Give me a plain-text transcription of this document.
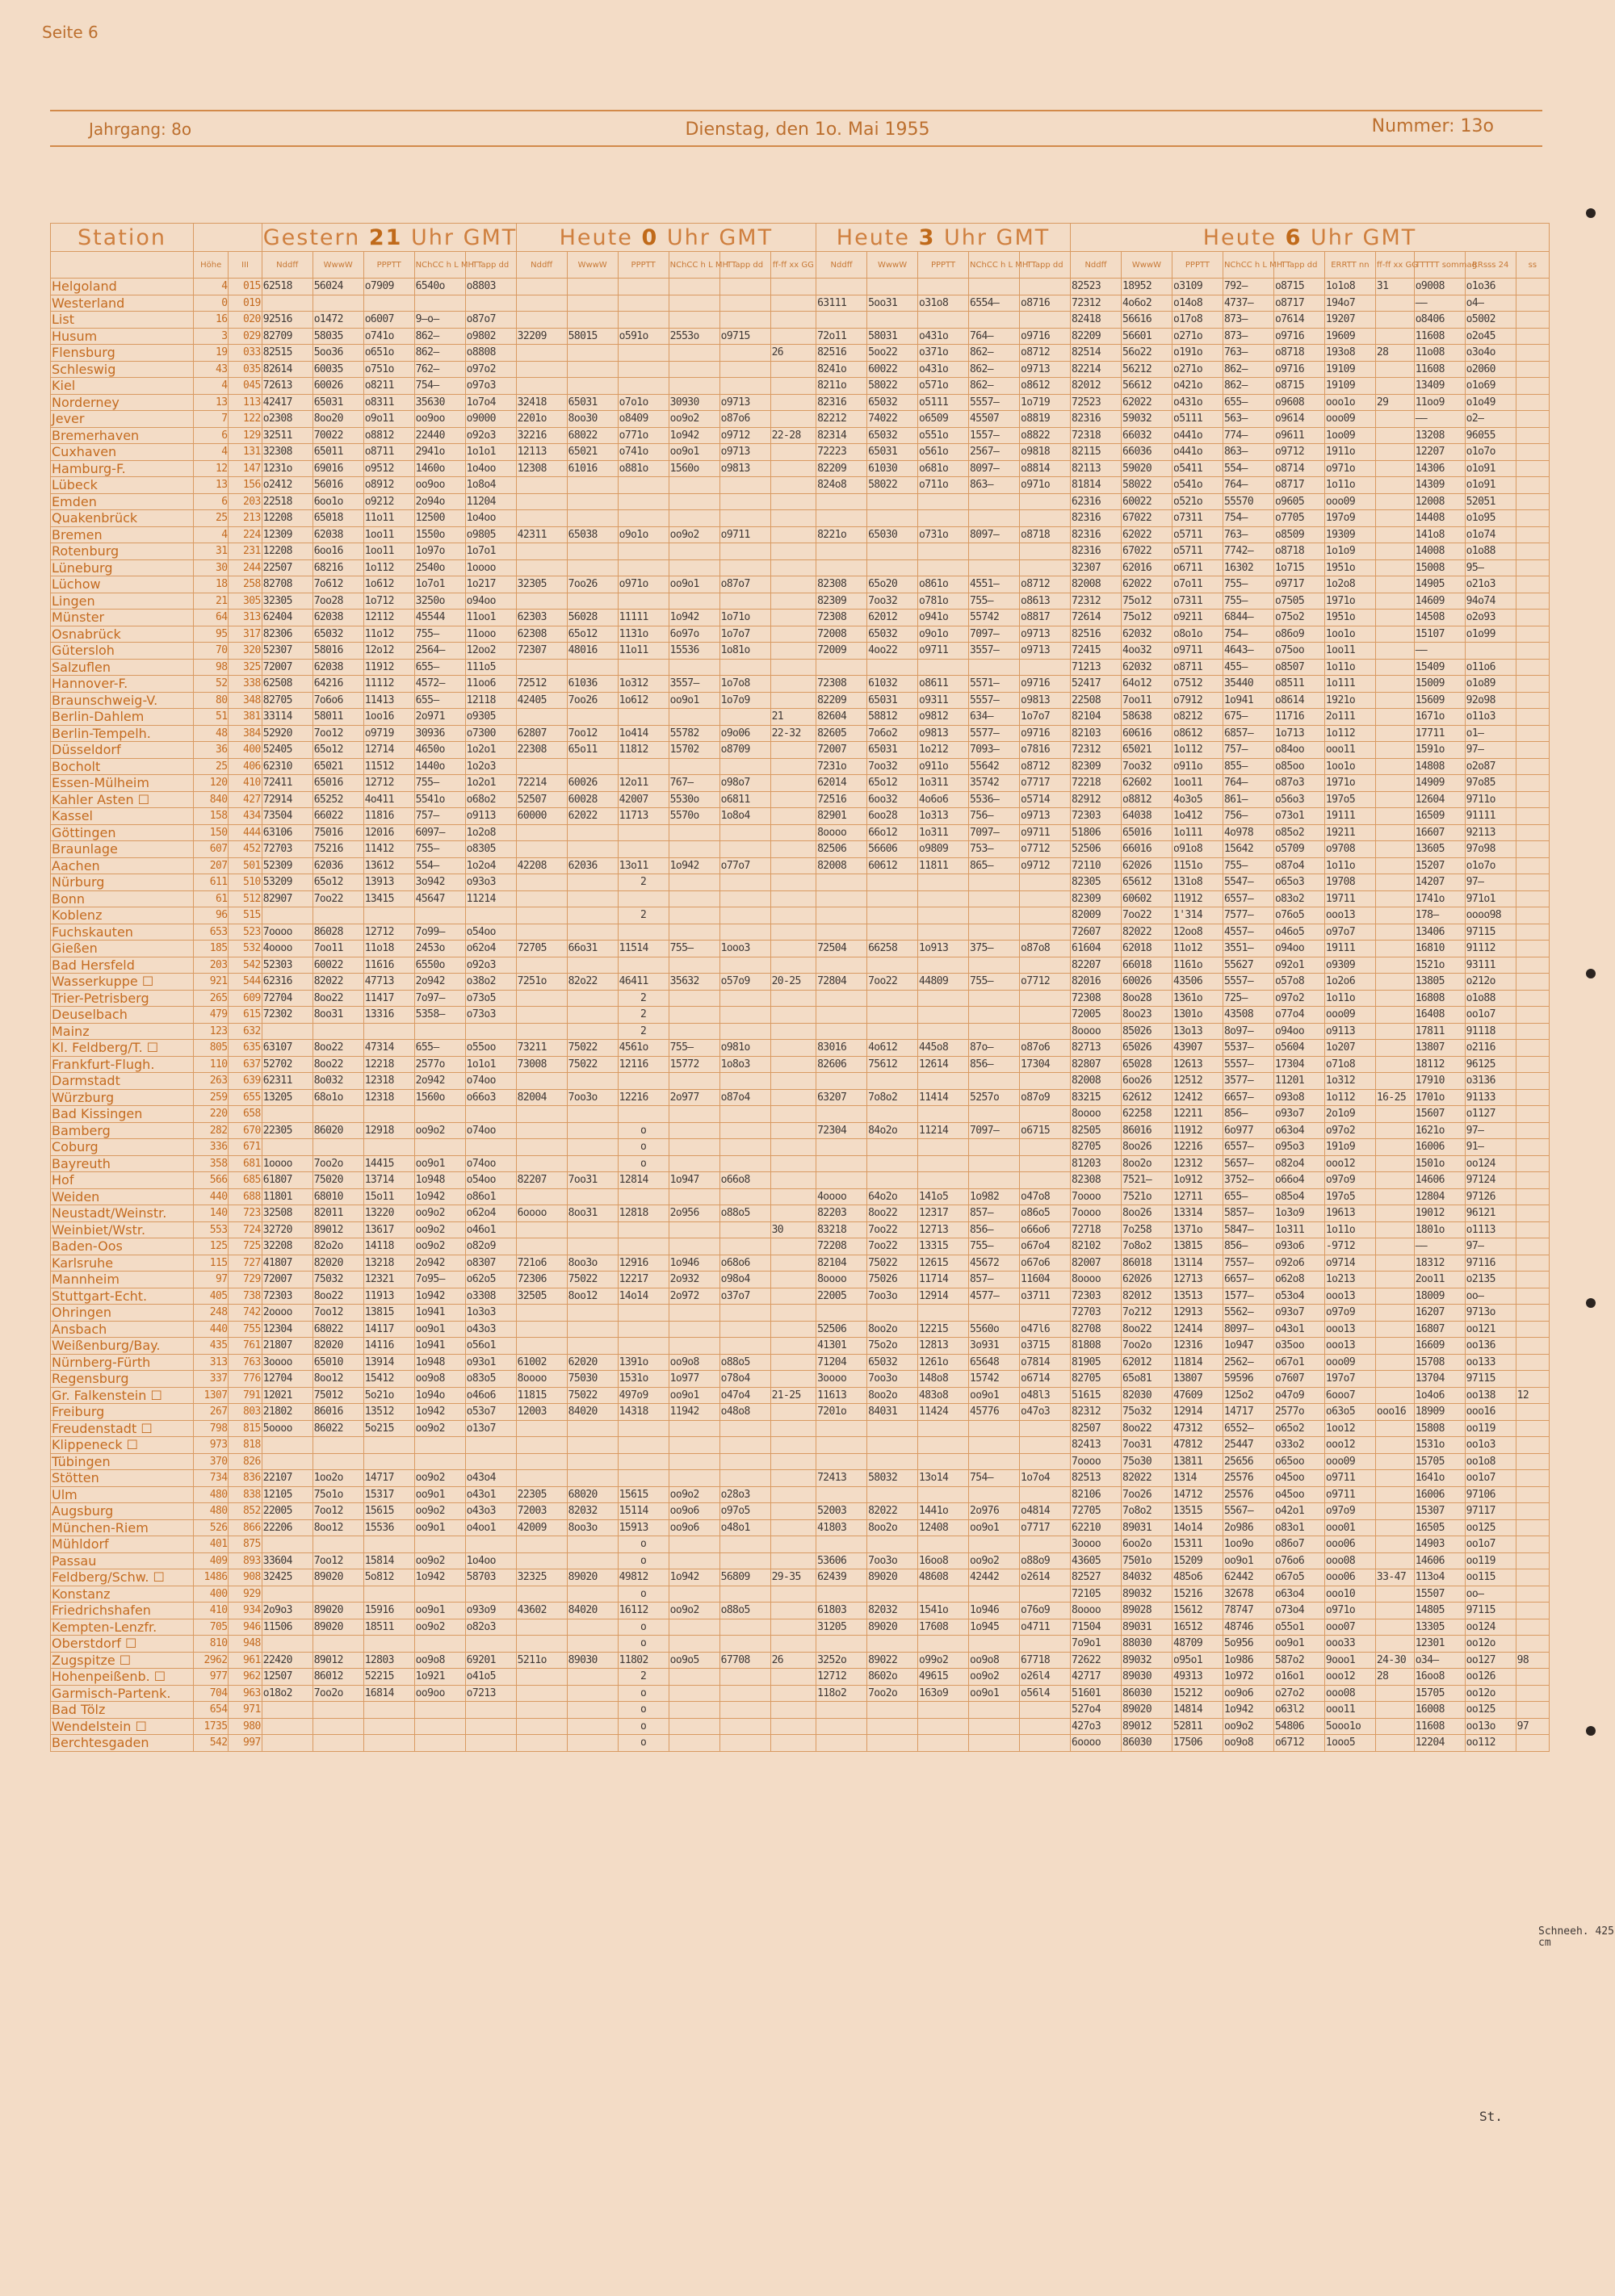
Seite 6
Jahrgang: 8o	Dienstag, den 1o. Mai 1955	Nummer: 13o
Station			Gestern 21 Uhr GMT					Heute 0 Uhr GMT						Heute 3 Uhr GMT					Heute 6 Uhr GMT									
	Höhe	III	Nddff	WwwW	PPPTT	NChCC h L MH	TTapp dd	Nddff	WwwW	PPPTT	NChCC h L MH	TTapp dd	ff-ff xx GG	Nddff	WwwW	PPPTT	NChCC h L MH	TTapp dd	Nddff	WwwW	PPPTT	NChCC h L MH	TTapp dd	ERRTT nn	ff-ff xx GG	TTTTT sommag	RRsss 24	ss
Helgoland	4	015	62518	56024	o7909	6540o	o8803												82523	18952	o3109	792—	o8715	1o1o8	31	o9008	o1o36	
Westerland	0	019												63111	5oo31	o31o8	6554—	o8716	72312	4o6o2	o14o8	4737—	o8717	194o7		——	o4—	
List	16	020	92516	o1472	o6007	9—o—	o87o7												82418	56616	o17o8	873—	o7614	19207		o8406	o5002	
Husum	3	029	82709	58035	o741o	862—	o9802	32209	58015	o591o	2553o	o9715		72o11	58031	o431o	764—	o9716	82209	56601	o271o	873—	o9716	19609		11608	o2o45	
Flensburg	19	033	82515	5oo36	o651o	862—	o8808						26	82516	5oo22	o371o	862—	o8712	82514	56o22	o191o	763—	o8718	193o8	28	11o08	o3o4o	
Schleswig	43	035	82614	60035	o751o	762—	o97o2							8241o	60022	o431o	862—	o9713	82214	56212	o271o	862—	o9716	19109		11608	o2060	
Kiel	4	045	72613	60026	o8211	754—	o97o3							8211o	58022	o571o	862—	o8612	82012	56612	o421o	862—	o8715	19109		13409	o1o69	
Norderney	13	113	42417	65031	o8311	35630	1o7o4	32418	65031	o7o1o	30930	o9713		82316	65032	o5111	5557—	1o719	72523	62022	o431o	655—	o9608	ooo1o	29	11oo9	o1o49	
Jever	7	122	o2308	8oo20	o9o11	oo9oo	o9000	2201o	8oo30	o8409	oo9o2	o87o6		82212	74022	o6509	45507	o8819	82316	59032	o5111	563—	o9614	ooo09		——	o2—	
Bremerhaven	6	129	32511	70022	o8812	22440	o92o3	32216	68022	o771o	1o942	o9712	22-28	82314	65032	o551o	1557—	o8822	72318	66032	o441o	774—	o9611	1oo09		13208	96055	
Cuxhaven	4	131	32308	65011	o8711	2941o	1o1o1	12113	65021	o741o	oo9o1	o9713		72223	65031	o561o	2567—	o9818	82115	66036	o441o	863—	o9712	1911o		12207	o1o7o	
Hamburg-F.	12	147	1231o	69016	o9512	1460o	1o4oo	12308	61016	o881o	1560o	o9813		82209	61030	o681o	8097—	o8814	82113	59020	o5411	554—	o8714	o971o		14306	o1o91	
Lübeck	13	156	o2412	56016	o8912	oo9oo	1o8o4							824o8	58022	o711o	863—	o971o	81814	58022	o541o	764—	o8717	1o11o		14309	o1o91	
Emden	6	203	22518	6oo1o	o9212	2o94o	11204												62316	60022	o521o	55570	o9605	ooo09		12008	52051	
Quakenbrück	25	213	12208	65018	11o11	12500	1o4oo												82316	67022	o7311	754—	o7705	197o9		14408	o1o95	
Bremen	4	224	12309	62038	1oo11	1550o	o9805	42311	65038	o9o1o	oo9o2	o9711		8221o	65030	o731o	8097—	o8718	82316	62022	o5711	763—	o8509	19309		141o8	o1o74	
Rotenburg	31	231	12208	6oo16	1oo11	1o97o	1o7o1												82316	67022	o5711	7742—	o8718	1o1o9		14008	o1o88	
Lüneburg	30	244	22507	68216	1o112	2540o	1oooo												32307	62016	o6711	16302	1o715	1951o		15008	95—	
Lüchow	18	258	82708	7o612	1o612	1o7o1	1o217	32305	7oo26	o971o	oo9o1	o87o7		82308	65o20	o861o	4551—	o8712	82008	62022	o7o11	755—	o9717	1o2o8		14905	o21o3	
Lingen	21	305	32305	7oo28	1o712	3250o	o94oo							82309	7oo32	o781o	755—	o8613	72312	75o12	o7311	755—	o7505	1971o		14609	94o74	
Münster	64	313	62404	62038	12112	45544	11oo1	62303	56028	11111	1o942	1o71o		72308	62012	o941o	55742	o8817	72614	75o12	o9211	6844—	o75o2	1951o		14508	o2o93	
Osnabrück	95	317	82306	65032	11o12	755—	11ooo	62308	65o12	1131o	6o97o	1o7o7		72008	65032	o9o1o	7097—	o9713	82516	62032	o8o1o	754—	o86o9	1oo1o		15107	o1o99	
Gütersloh	70	320	52307	58016	12o12	2564—	12oo2	72307	48016	11o11	15536	1o81o		72009	4oo22	o9711	3557—	o9713	72415	4oo32	o9711	4643—	o75oo	1oo11		——		
Salzuflen	98	325	72007	62038	11912	655—	111o5												71213	62032	o8711	455—	o8507	1o11o		15409	o11o6	
Hannover-F.	52	338	62508	64216	11112	4572—	11oo6	72512	61036	1o312	3557—	1o7o8		72308	61032	o8611	5571—	o9716	52417	64o12	o7512	35440	o8511	1o111		15009	o1o89	
Braunschweig-V.	80	348	82705	7o6o6	11413	655—	12118	42405	7oo26	1o612	oo9o1	1o7o9		82209	65031	o9311	5557—	o9813	22508	7oo11	o7912	1o941	o8614	1921o		15609	92o98	
Berlin-Dahlem	51	381	33114	58011	1oo16	2o971	o9305						21	82604	58812	o9812	634—	1o7o7	82104	58638	o8212	675—	11716	2o111		1671o	o11o3	
Berlin-Tempelh.	48	384	52920	7oo12	o9719	30936	o7300	62807	7oo12	1o414	55782	o9o06	22-32	82605	7o6o2	o9813	5577—	o9716	82103	60616	o8612	6857—	1o713	1o112		17711	o1—	
Düsseldorf	36	400	52405	65o12	12714	4650o	1o2o1	22308	65o11	11812	15702	o8709		72007	65031	1o212	7093—	o7816	72312	65021	1o112	757—	o84oo	ooo11		1591o	97—	
Bocholt	25	406	62310	65021	11512	1440o	1o2o3							7231o	7oo32	o911o	55642	o8712	82309	7oo32	o911o	855—	o85oo	1oo1o		14808	o2o87	
Essen-Mülheim	120	410	72411	65016	12712	755—	1o2o1	72214	60026	12o11	767—	o98o7		62014	65o12	1o311	35742	o7717	72218	62602	1oo11	764—	o87o3	1971o		14909	97o85	
Kahler Asten ☐	840	427	72914	65252	4o411	5541o	o68o2	52507	60028	42007	5530o	o6811		72516	6oo32	4o6o6	5536—	o5714	82912	o8812	4o3o5	861—	o56o3	197o5		12604	9711o	
Kassel	158	434	73504	66022	11816	757—	o9113	60000	62022	11713	5570o	1o8o4		82901	6oo28	1o313	756—	o9713	72303	64038	1o412	756—	o73o1	19111		16509	91111	
Göttingen	150	444	63106	75016	12016	6097—	1o2o8							8oooo	66o12	1o311	7097—	o9711	51806	65016	1o111	4o978	o85o2	19211		16607	92113	
Braunlage	607	452	72703	75216	11412	755—	o8305							82506	56606	o9809	753—	o7712	52506	66016	o91o8	15642	o5709	o9708		13605	97o98	
Aachen	207	501	52309	62036	13612	554—	1o2o4	42208	62036	13o11	1o942	o77o7		82008	60612	11811	865—	o9712	72110	62026	1151o	755—	o87o4	1o11o		15207	o1o7o	
Nürburg	611	510	53209	65o12	13913	3o942	o93o3			2									82305	65612	131o8	5547—	o65o3	19708		14207	97—	
Bonn	61	512	82907	7oo22	13415	45647	11214												82309	60602	11912	6557—	o83o2	19711		1741o	971o1	
Koblenz	96	515								2									82009	7oo22	1'314	7577—	o76o5	ooo13		178—	oooo98	
Fuchskauten	653	523	7oooo	86028	12712	7o99—	o54oo												72607	82022	12oo8	4557—	o46o5	o97o7		13406	97115	
Gießen	185	532	4oooo	7oo11	11o18	2453o	o62o4	72705	66o31	11514	755—	1ooo3		72504	66258	1o913	375—	o87o8	61604	62018	11o12	3551—	o94oo	19111		16810	91112	
Bad Hersfeld	203	542	52303	60022	11616	6550o	o92o3												82207	66018	1161o	55627	o92o1	o9309		1521o	93111	
Wasserkuppe ☐	921	544	62316	82022	47713	2o942	o38o2	7251o	82o22	46411	35632	o57o9	20-25	72804	7oo22	44809	755—	o7712	82016	60026	43506	5557—	o57o8	1o2o6		13805	o212o	
Trier-Petrisberg	265	609	72704	8oo22	11417	7o97—	o73o5			2									72308	8oo28	1361o	725—	o97o2	1o11o		16808	o1o88	
Deuselbach	479	615	72302	8oo31	13316	5358—	o73o3			2									72005	8oo23	1301o	43508	o77o4	ooo09		16408	oo1o7	
Mainz	123	632								2									8oooo	85026	13o13	8o97—	o94oo	o9113		17811	91118	
Kl. Feldberg/T. ☐	805	635	63107	8oo22	47314	655—	o55oo	73211	75022	4561o	755—	o981o		83016	4o612	445o8	87o—	o87o6	82713	65026	43907	5537—	o5604	1o207		13807	o2116	
Frankfurt-Flugh.	110	637	52702	8oo22	12218	2577o	1o1o1	73008	75022	12116	15772	1o8o3		82606	75612	12614	856—	17304	82807	65028	12613	5557—	17304	o71o8		18112	96125	
Darmstadt	263	639	62311	8o032	12318	2o942	o74oo												82008	6oo26	12512	3577—	11201	1o312		17910	o3136	
Würzburg	259	655	13205	68o1o	12318	1560o	o66o3	82004	7oo3o	12216	2o977	o87o4		63207	7o8o2	11414	5257o	o87o9	83215	62612	12412	6657—	o93o8	1o112	16-25	1701o	91133	
Bad Kissingen	220	658																	8oooo	62258	12211	856—	o93o7	2o1o9		15607	o1127	
Bamberg	282	670	22305	86020	12918	oo9o2	o74oo			o				72304	84o2o	11214	7097—	o6715	82505	86016	11912	6o977	o63o4	o97o2		1621o	97—	
Coburg	336	671								o									82705	8oo26	12216	6557—	o95o3	191o9		16006	91—	
Bayreuth	358	681	1oooo	7oo2o	14415	oo9o1	o74oo			o									81203	8oo2o	12312	5657—	o82o4	ooo12		1501o	oo124	
Hof	566	685	61807	75020	13714	1o948	o54oo	82207	7oo31	12814	1o947	o66o8							82308	7521—	1o912	3752—	o66o4	o97o9		14606	97124	
Weiden	440	688	11801	68010	15o11	1o942	o86o1							4oooo	64o2o	141o5	1o982	o47o8	7oooo	7521o	12711	655—	o85o4	197o5		12804	97126	
Neustadt/Weinstr.	140	723	32508	82011	13220	oo9o2	o62o4	6oooo	8oo31	12818	2o956	o88o5		82203	8oo22	12317	857—	o86o5	7oooo	8oo26	13314	5857—	1o3o9	19613		19012	96121	
Weinbiet/Wstr.	553	724	32720	89012	13617	oo9o2	o46o1						30	83218	7oo22	12713	856—	o66o6	72718	7o258	1371o	5847—	1o311	1o11o		1801o	o1113	
Baden-Oos	125	725	32208	82o2o	14118	oo9o2	o82o9							72208	7oo22	13315	755—	o67o4	82102	7o8o2	13815	856—	o93o6	-9712		——	97—	
Karlsruhe	115	727	41807	82020	13218	2o942	o8307	721o6	8oo3o	12916	1o946	o68o6		82104	75022	12615	45672	o67o6	82007	86018	13114	7557—	o92o6	o9714		18312	97116	
Mannheim	97	729	72007	75032	12321	7o95—	o62o5	72306	75022	12217	2o932	o98o4		8oooo	75026	11714	857—	11604	8oooo	62026	12713	6657—	o62o8	1o213		2oo11	o2135	
Stuttgart-Echt.	405	738	72303	8oo22	11913	1o942	o3308	32505	8oo12	14o14	2o972	o37o7		22005	7oo3o	12914	4577—	o3711	72303	82012	1351З	1577—	o53o4	ooo13		18009	oo—	
Ohringen	248	742	2oooo	7oo12	13815	1o941	1o3o3												72703	7o212	12913	5562—	o93o7	o97o9		16207	9713o	
Ansbach	440	755	12304	68022	14117	oo9o1	o43o3							52506	8oo2o	12215	5560o	o47l6	82708	8oo22	12414	8097—	o43o1	ooo13		16807	oo121	
Weißenburg/Bay.	435	761	21807	82020	14116	1o941	o56o1							41301	75o2o	12813	3o931	o3715	81808	7oo2o	12316	1o947	o35oo	ooo13		16609	oo136	
Nürnberg-Fürth	313	763	3oooo	65010	13914	1o948	o93o1	61002	62020	1391o	oo9o8	o88o5		71204	65032	1261o	65648	o7814	81905	62012	11814	2562—	o67o1	ooo09		15708	oo133	
Regensburg	337	776	12704	8oo12	15412	oo9o8	o83o5	8oooo	75030	1531o	1o977	o78o4		3oooo	7oo3o	148o8	15742	o6714	82705	65o81	13807	59596	o7607	197o7		13704	97115	
Gr. Falkenstein ☐	1307	791	12021	75012	5o21o	1o94o	o46o6	11815	75022	497o9	oo9o1	o47o4	21-25	11613	8oo2o	483o8	oo9o1	o48l3	51615	82030	47609	125o2	o47o9	6ooo7		1o4o6	oo138	12
Freiburg	267	803	21802	86016	13512	1o942	o53o7	12003	84020	14318	11942	o48o8		7201o	84031	11424	45776	o47o3	82312	75o32	12914	14717	2577o	o63o5	ooo16	18909	ooo16	
Freudenstadt ☐	798	815	5oooo	86022	5o215	oo9o2	o13o7												82507	8oo22	47312	6552—	o65o2	1oo12		15808	oo119	
Klippeneck ☐	973	818																	82413	7oo31	47812	25447	o33o2	ooo12		1531o	oo1o3	
Tübingen	370	826																	7oooo	75o30	13811	25656	o65oo	ooo09		15705	oo1o8	
Stötten	734	836	22107	1oo2o	14717	oo9o2	o43o4							72413	58032	13o14	754—	1o7o4	82513	82022	1314	25576	o45oo	o9711		1641o	oo1o7	
Ulm	480	838	12105	75o1o	15317	oo9o1	o43o1	22305	68020	15615	oo9o2	o28o3							82106	7oo26	14712	25576	o45oo	o9711		16006	97106	
Augsburg	480	852	22005	7oo12	15615	oo9o2	o43o3	72003	82032	15114	oo9o6	o97o5		52003	82022	1441o	2o976	o4814	72705	7o8o2	13515	5567—	o42o1	o97o9		15307	97117	
München-Riem	526	866	22206	8oo12	15536	oo9o1	o4oo1	42009	8oo3o	15913	oo9o6	o48o1		41803	8oo2o	12408	oo9o1	o7717	62210	89031	14o14	2o986	o83o1	ooo01		16505	oo125	
Mühldorf	401	875								o									3oooo	6oo2o	15311	1oo9o	o86o7	ooo06		14903	oo1o7	
Passau	409	893	33604	7oo12	15814	oo9o2	1o4oo			o				53606	7oo3o	16oo8	oo9o2	o88o9	43605	7501o	15209	oo9o1	o76o6	ooo08		14606	oo119	
Feldberg/Schw. ☐	1486	908	32425	89020	5o812	1o942	58703	32325	89020	49812	1o942	56809	29-35	62439	89020	48608	42442	o2614	82527	84032	485o6	62442	o67o5	ooo06	33-47	113o4	oo115	
Konstanz	400	929								o									72105	89032	15216	32678	o63o4	ooo10		15507	oo—	
Friedrichshafen	410	934	2o9o3	89020	15916	oo9o1	o93o9	43602	84020	16112	oo9o2	o88o5		61803	82032	1541o	1o946	o76o9	8oooo	89028	15612	78747	o73o4	o971o		14805	97115	
Kempten-Lenzfr.	705	946	11506	89020	18511	oo9o2	o82o3			o				31205	89020	17608	1o945	o4711	71504	89031	16512	48746	o55o1	ooo07		13305	oo124	
Oberstdorf ☐	810	948								o									7o9o1	88030	48709	5o956	oo9o1	ooo33		12301	oo12o	
Zugspitze ☐	2962	961	22420	89012	12803	oo9o8	69201	5211o	89030	11802	oo9o5	67708	26	3252o	89022	o99o2	oo9o8	67718	72622	89032	o95o1	1o986	587o2	9ooo1	24-30	o34—	oo127	98
Hohenpeißenb. ☐	977	962	12507	86012	52215	1o921	o41o5			2				12712	8602o	49615	oo9o2	o26l4	42717	89030	49313	1o972	o16o1	ooo12	28	16oo8	oo126	
Garmisch-Partenk.	704	963	o18o2	7oo2o	16814	oo9oo	o7213			o				118o2	7oo2o	163o9	oo9o1	o56l4	51601	86030	15212	oo9o6	o27o2	ooo08		15705	oo12o	
Bad Tölz	654	971								o									527o4	89020	14814	1o942	o63l2	ooo11		16008	oo125	
Wendelstein ☐	1735	980								o									427o3	89012	52811	oo9o2	54806	5ooo1o		11608	oo13o	97
Berchtesgaden	542	997								o									6oooo	86030	17506	oo9o8	o6712	1ooo5		12204	oo112	
Schneeh. 425 cm
St.
